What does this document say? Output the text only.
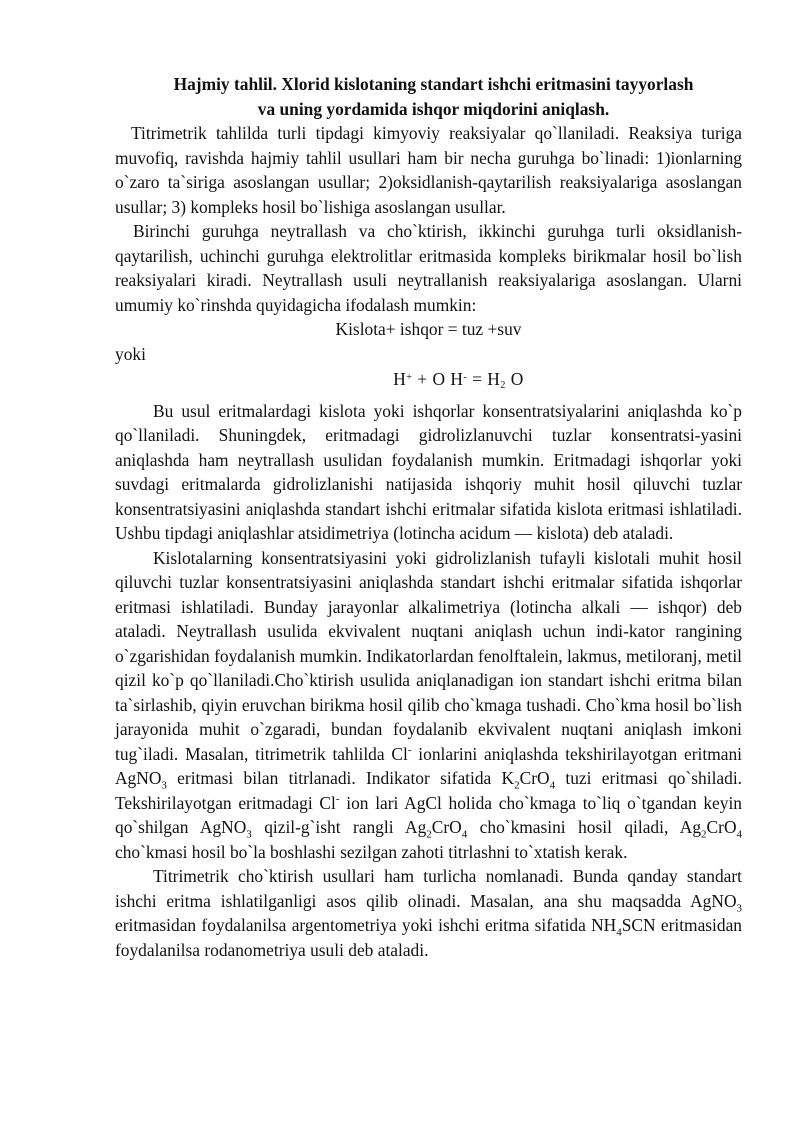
Hajmiy tahlil. Xlorid kislotaning standart ishchi eritmasini tayyorlash
va uning yordamida ishqor miqdorini aniqlash.

Titrimetrik tahlilda turli tipdagi kimyoviy reaksiyalar qo`llaniladi. Reaksiya turiga muvofiq, ravishda hajmiy tahlil usullari ham bir necha guruhga bo`linadi: 1)ionlarning o`zaro ta`siriga asoslangan usullar; 2)oksidlanish-qaytarilish reaksiyalariga asoslangan usullar; 3) kompleks hosil bo`lishiga asoslangan usullar.

Birinchi guruhga neytrallash va cho`ktirish, ikkinchi guruhga turli oksidlanish-qaytarilish, uchinchi guruhga elektrolitlar eritmasida kompleks birikmalar hosil bo`lish reaksiyalari kiradi. Neytrallash usuli neytrallanish reaksiyalariga asoslangan. Ularni umumiy ko`rinshda quyidagicha ifodalash mumkin:

Kislota+ ishqor = tuz +suv

yoki

H+ + O H- = H2 O

Bu usul eritmalardagi kislota yoki ishqorlar konsentratsiyalarini aniqlashda ko`p qo`llaniladi. Shuningdek, eritmadagi gidrolizlanuvchi tuzlar konsentratsi-yasini aniqlashda ham neytrallash usulidan foydalanish mumkin. Eritmadagi ishqorlar yoki suvdagi eritmalarda gidrolizlanishi natijasida ishqoriy muhit hosil qiluvchi tuzlar konsentratsiyasini aniqlashda standart ishchi eritmalar sifatida kislota eritmasi ishlatiladi. Ushbu tipdagi aniqlashlar atsidimetriya (lotincha acidum — kislota) deb ataladi.

Kislotalarning konsentratsiyasini yoki gidrolizlanish tufayli kislotali muhit hosil qiluvchi tuzlar konsentratsiyasini aniqlashda standart ishchi eritmalar sifatida ishqorlar eritmasi ishlatiladi. Bunday jarayonlar alkalimetriya (lotincha alkali — ishqor) deb ataladi. Neytrallash usulida ekvivalent nuqtani aniqlash uchun indi-kator rangining o`zgarishidan foydalanish mumkin. Indikatorlardan fenolftalein, lakmus, metiloranj, metil qizil ko`p qo`llaniladi.Cho`ktirish usulida aniqlanadigan ion standart ishchi eritma bilan ta`sirlashib, qiyin eruvchan birikma hosil qilib cho`kmaga tushadi. Cho`kma hosil bo`lish jarayonida muhit o`zgaradi, bundan foydalanib ekvivalent nuqtani aniqlash imkoni tug`iladi. Masalan, titrimetrik tahlilda Cl- ionlarini aniqlashda tekshirilayotgan eritmani AgNO$_3$ eritmasi bilan titrlanadi. Indikator sifatida $K_2CrO_4$ tuzi eritmasi qo`shiladi. Tekshirilayotgan eritmadagi Cl- ion lari AgCl holida cho`kmaga to`liq o`tgandan keyin qo`shilgan AgNO$_3$ qizil-g`isht rangli $Ag_2CrO_4$ cho`kmasini hosil qiladi, $Ag_2CrO_4$ cho`kmasi hosil bo`la boshlashi sezilgan zahoti titrlashni to`xtatish kerak.

Titrimetrik cho`ktirish usullari ham turlicha nomlanadi. Bunda qanday standart ishchi eritma ishlatilganligi asos qilib olinadi. Masalan, ana shu maqsadda AgNO$_3$ eritmasidan foydalanilsa argentometriya yoki ishchi eritma sifatida $NH_4SCN$ eritmasidan foydalanilsa rodanometriya usuli deb ataladi.
